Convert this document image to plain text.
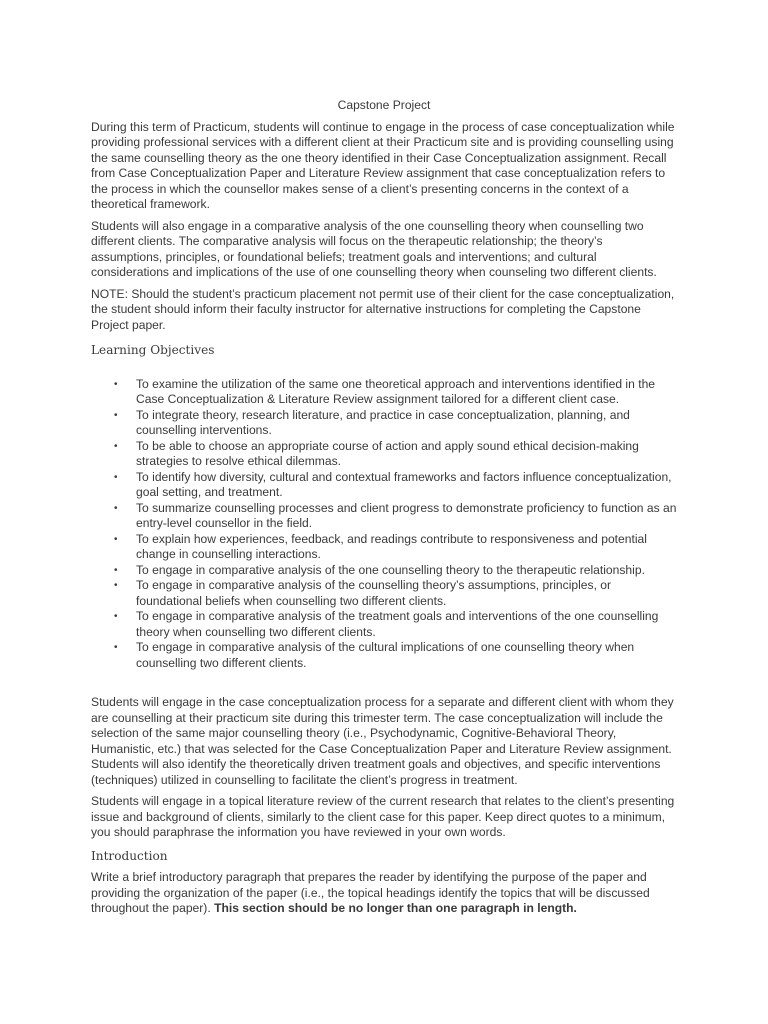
Capstone Project

During this term of Practicum, students will continue to engage in the process of case conceptualization while providing professional services with a different client at their Practicum site and is providing counselling using the same counselling theory as the one theory identified in their Case Conceptualization assignment. Recall from Case Conceptualization Paper and Literature Review assignment that case conceptualization refers to the process in which the counsellor makes sense of a client’s presenting concerns in the context of a theoretical framework.

Students will also engage in a comparative analysis of the one counselling theory when counselling two different clients. The comparative analysis will focus on the therapeutic relationship; the theory’s assumptions, principles, or foundational beliefs; treatment goals and interventions; and cultural considerations and implications of the use of one counselling theory when counseling two different clients.

NOTE: Should the student’s practicum placement not permit use of their client for the case conceptualization, the student should inform their faculty instructor for alternative instructions for completing the Capstone Project paper.

Learning Objectives
• To examine the utilization of the same one theoretical approach and interventions identified in the Case Conceptualization & Literature Review assignment tailored for a different client case.
• To integrate theory, research literature, and practice in case conceptualization, planning, and counselling interventions.
• To be able to choose an appropriate course of action and apply sound ethical decision-making strategies to resolve ethical dilemmas.
• To identify how diversity, cultural and contextual frameworks and factors influence conceptualization, goal setting, and treatment.
• To summarize counselling processes and client progress to demonstrate proficiency to function as an entry-level counsellor in the field.
• To explain how experiences, feedback, and readings contribute to responsiveness and potential change in counselling interactions.
• To engage in comparative analysis of the one counselling theory to the therapeutic relationship.
• To engage in comparative analysis of the counselling theory’s assumptions, principles, or foundational beliefs when counselling two different clients.
• To engage in comparative analysis of the treatment goals and interventions of the one counselling theory when counselling two different clients.
• To engage in comparative analysis of the cultural implications of one counselling theory when counselling two different clients.

Students will engage in the case conceptualization process for a separate and different client with whom they are counselling at their practicum site during this trimester term. The case conceptualization will include the selection of the same major counselling theory (i.e., Psychodynamic, Cognitive-Behavioral Theory, Humanistic, etc.) that was selected for the Case Conceptualization Paper and Literature Review assignment. Students will also identify the theoretically driven treatment goals and objectives, and specific interventions (techniques) utilized in counselling to facilitate the client’s progress in treatment.

Students will engage in a topical literature review of the current research that relates to the client’s presenting issue and background of clients, similarly to the client case for this paper. Keep direct quotes to a minimum, you should paraphrase the information you have reviewed in your own words.

Introduction

Write a brief introductory paragraph that prepares the reader by identifying the purpose of the paper and providing the organization of the paper (i.e., the topical headings identify the topics that will be discussed throughout the paper). This section should be no longer than one paragraph in length.
